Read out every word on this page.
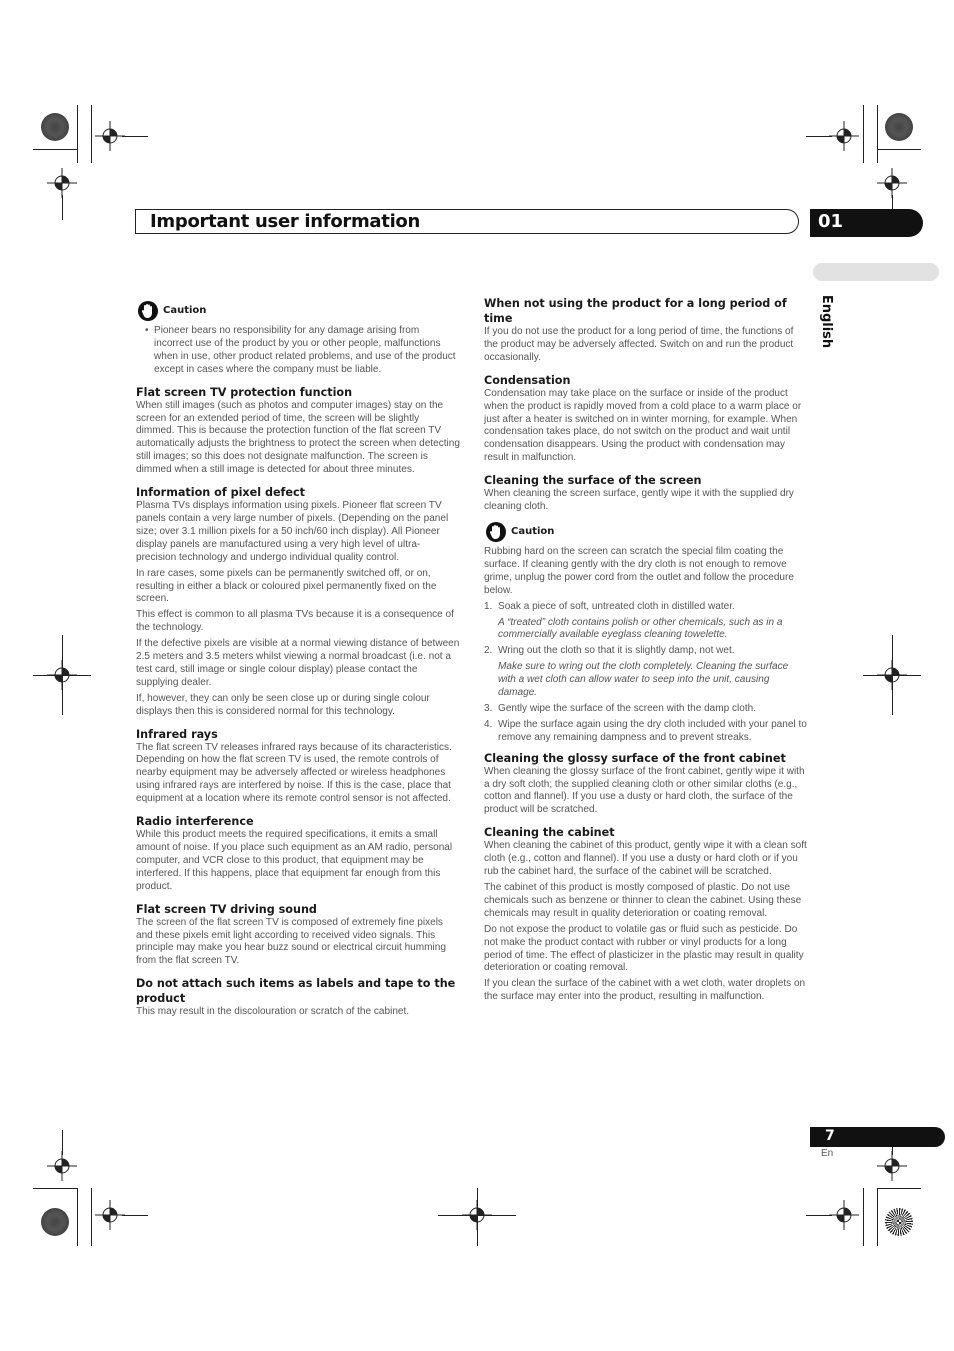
Important user information	01
English
Caution

• Pioneer bears no responsibility for any damage arising from incorrect use of the product by you or other people, malfunctions when in use, other product related problems, and use of the product except in cases where the company must be liable.

Flat screen TV protection function

When still images (such as photos and computer images) stay on the screen for an extended period of time, the screen will be slightly dimmed. This is because the protection function of the flat screen TV automatically adjusts the brightness to protect the screen when detecting still images; so this does not designate malfunction. The screen is dimmed when a still image is detected for about three minutes.

Information of pixel defect

Plasma TVs displays information using pixels. Pioneer flat screen TV panels contain a very large number of pixels. (Depending on the panel size; over 3.1 million pixels for a 50 inch/60 inch display). All Pioneer display panels are manufactured using a very high level of ultra-precision technology and undergo individual quality control.

In rare cases, some pixels can be permanently switched off, or on, resulting in either a black or coloured pixel permanently fixed on the screen.

This effect is common to all plasma TVs because it is a consequence of the technology.

If the defective pixels are visible at a normal viewing distance of between 2.5 meters and 3.5 meters whilst viewing a normal broadcast (i.e. not a test card, still image or single colour display) please contact the supplying dealer.

If, however, they can only be seen close up or during single colour displays then this is considered normal for this technology.

Infrared rays

The flat screen TV releases infrared rays because of its characteristics. Depending on how the flat screen TV is used, the remote controls of nearby equipment may be adversely affected or wireless headphones using infrared rays are interfered by noise. If this is the case, place that equipment at a location where its remote control sensor is not affected.

Radio interference

While this product meets the required specifications, it emits a small amount of noise. If you place such equipment as an AM radio, personal computer, and VCR close to this product, that equipment may be interfered. If this happens, place that equipment far enough from this product.

Flat screen TV driving sound

The screen of the flat screen TV is composed of extremely fine pixels and these pixels emit light according to received video signals. This principle may make you hear buzz sound or electrical circuit humming from the flat screen TV.

Do not attach such items as labels and tape to the product

This may result in the discolouration or scratch of the cabinet.

When not using the product for a long period of time

If you do not use the product for a long period of time, the functions of the product may be adversely affected. Switch on and run the product occasionally.

Condensation

Condensation may take place on the surface or inside of the product when the product is rapidly moved from a cold place to a warm place or just after a heater is switched on in winter morning, for example. When condensation takes place, do not switch on the product and wait until condensation disappears. Using the product with condensation may result in malfunction.

Cleaning the surface of the screen

When cleaning the screen surface, gently wipe it with the supplied dry cleaning cloth.

Caution

Rubbing hard on the screen can scratch the special film coating the surface. If cleaning gently with the dry cloth is not enough to remove grime, unplug the power cord from the outlet and follow the procedure below.

1. Soak a piece of soft, untreated cloth in distilled water.

A “treated” cloth contains polish or other chemicals, such as in a commercially available eyeglass cleaning towelette.

2. Wring out the cloth so that it is slightly damp, not wet.

Make sure to wring out the cloth completely. Cleaning the surface with a wet cloth can allow water to seep into the unit, causing damage.

3. Gently wipe the surface of the screen with the damp cloth.

4. Wipe the surface again using the dry cloth included with your panel to remove any remaining dampness and to prevent streaks.

Cleaning the glossy surface of the front cabinet

When cleaning the glossy surface of the front cabinet, gently wipe it with a dry soft cloth; the supplied cleaning cloth or other similar cloths (e.g., cotton and flannel). If you use a dusty or hard cloth, the surface of the product will be scratched.

Cleaning the cabinet

When cleaning the cabinet of this product, gently wipe it with a clean soft cloth (e.g., cotton and flannel). If you use a dusty or hard cloth or if you rub the cabinet hard, the surface of the cabinet will be scratched.

The cabinet of this product is mostly composed of plastic. Do not use chemicals such as benzene or thinner to clean the cabinet. Using these chemicals may result in quality deterioration or coating removal.

Do not expose the product to volatile gas or fluid such as pesticide. Do not make the product contact with rubber or vinyl products for a long period of time. The effect of plasticizer in the plastic may result in quality deterioration or coating removal.

If you clean the surface of the cabinet with a wet cloth, water droplets on the surface may enter into the product, resulting in malfunction.

7
En
